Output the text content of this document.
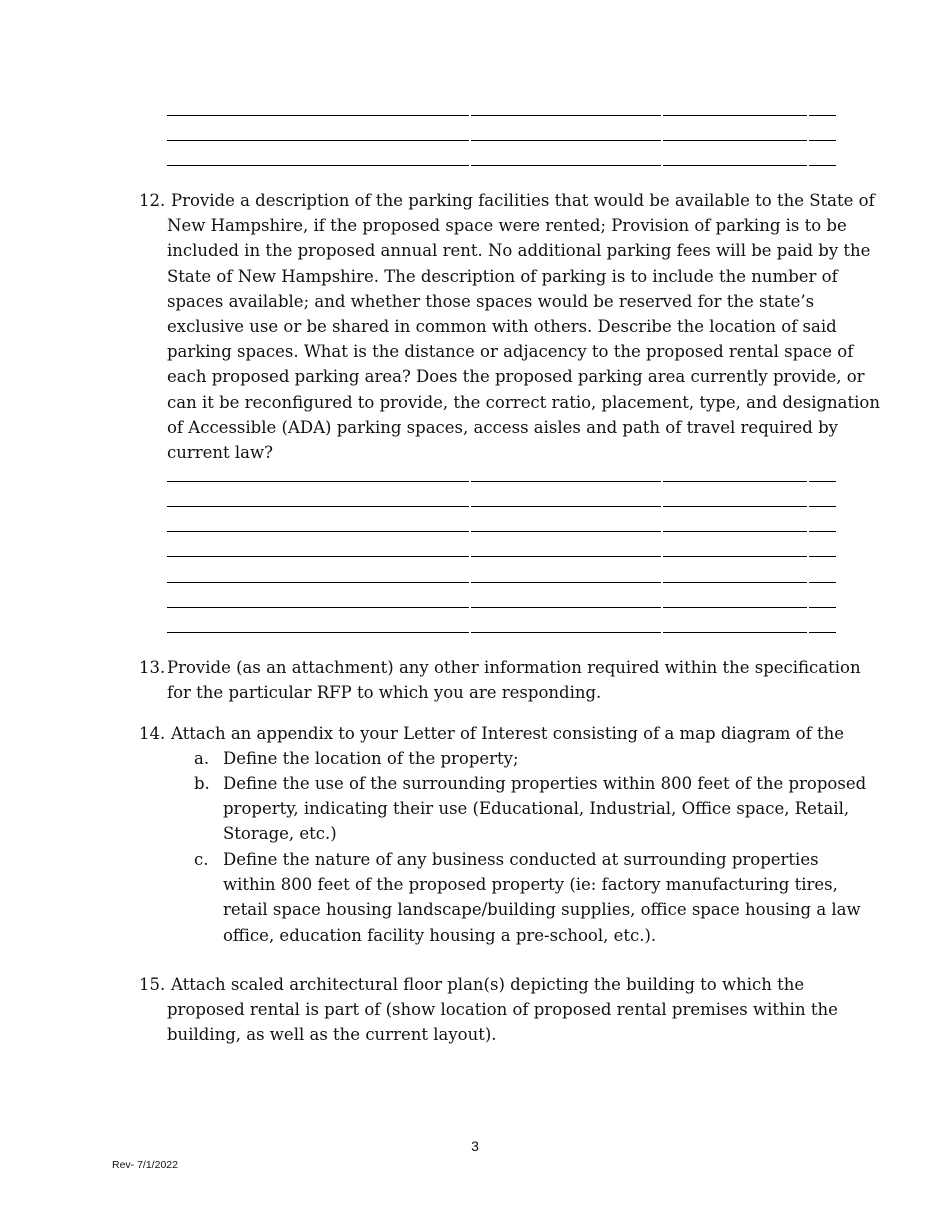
12. Provide a description of the parking facilities that would be available to the State of
New Hampshire, if the proposed space were rented; Provision of parking is to be
included in the proposed annual rent. No additional parking fees will be paid by the
State of New Hampshire. The description of parking is to include the number of
spaces available; and whether those spaces would be reserved for the state’s
exclusive use or be shared in common with others. Describe the location of said
parking spaces. What is the distance or adjacency to the proposed rental space of
each proposed parking area? Does the proposed parking area currently provide, or
can it be reconfigured to provide, the correct ratio, placement, type, and designation
of Accessible (ADA) parking spaces, access aisles and path of travel required by
current law?
13. Provide (as an attachment) any other information required within the specification
for the particular RFP to which you are responding.
14. Attach an appendix to your Letter of Interest consisting of a map diagram of the
a. Define the location of the property;
b. Define the use of the surrounding properties within 800 feet of the proposed
property, indicating their use (Educational, Industrial, Office space, Retail,
Storage, etc.)
c. Define the nature of any business conducted at surrounding properties
within 800 feet of the proposed property (ie: factory manufacturing tires,
retail space housing landscape/building supplies, office space housing a law
office, education facility housing a pre-school, etc.).
15. Attach scaled architectural floor plan(s) depicting the building to which the
proposed rental is part of (show location of proposed rental premises within the
building, as well as the current layout).
3
Rev- 7/1/2022
